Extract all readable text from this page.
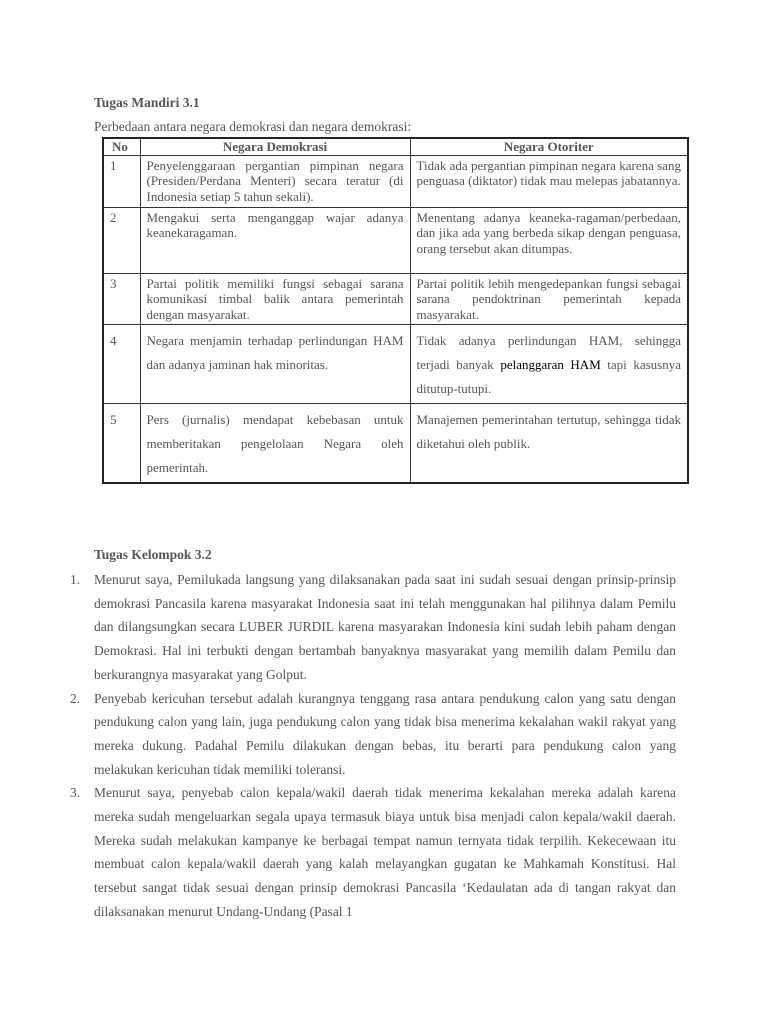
Tugas Mandiri 3.1
Perbedaan antara negara demokrasi dan negara demokrasi:
No	Negara Demokrasi	Negara Otoriter
1	Penyelenggaraan pergantian pimpinan negara (Presiden/Perdana Menteri) secara teratur (di Indonesia setiap 5 tahun sekali).	Tidak ada pergantian pimpinan negara karena sang penguasa (diktator) tidak mau melepas jabatannya.
2	Mengakui serta menganggap wajar adanya keanekaragaman.	Menentang adanya keaneka-ragaman/perbedaan, dan jika ada yang berbeda sikap dengan penguasa, orang tersebut akan ditumpas.
3	Partai politik memiliki fungsi sebagai sarana komunikasi timbal balik antara pemerintah dengan masyarakat.	Partai politik lebih mengedepankan fungsi sebagai sarana pendoktrinan pemerintah kepada masyarakat.
4	Negara menjamin terhadap perlindungan HAM dan adanya jaminan hak minoritas.	Tidak adanya perlindungan HAM, sehingga terjadi banyak pelanggaran HAM tapi kasusnya ditutup-tutupi.
5	Pers (jurnalis) mendapat kebebasan untuk memberitakan pengelolaan Negara oleh pemerintah.	Manajemen pemerintahan tertutup, sehingga tidak diketahui oleh publik.
Tugas Kelompok 3.2
1. Menurut saya, Pemilukada langsung yang dilaksanakan pada saat ini sudah sesuai dengan prinsip-prinsip demokrasi Pancasila karena masyarakat Indonesia saat ini telah menggunakan hal pilihnya dalam Pemilu dan dilangsungkan secara LUBER JURDIL karena masyarakan Indonesia kini sudah lebih paham dengan Demokrasi. Hal ini terbukti dengan bertambah banyaknya masyarakat yang memilih dalam Pemilu dan berkurangnya masyarakat yang Golput.
2. Penyebab kericuhan tersebut adalah kurangnya tenggang rasa antara pendukung calon yang satu dengan pendukung calon yang lain, juga pendukung calon yang tidak bisa menerima kekalahan wakil rakyat yang mereka dukung. Padahal Pemilu dilakukan dengan bebas, itu berarti para pendukung calon yang melakukan kericuhan tidak memiliki toleransi.
3. Menurut saya, penyebab calon kepala/wakil daerah tidak menerima kekalahan mereka adalah karena mereka sudah mengeluarkan segala upaya termasuk biaya untuk bisa menjadi calon kepala/wakil daerah. Mereka sudah melakukan kampanye ke berbagai tempat namun ternyata tidak terpilih. Kekecewaan itu membuat calon kepala/wakil daerah yang kalah melayangkan gugatan ke Mahkamah Konstitusi. Hal tersebut sangat tidak sesuai dengan prinsip demokrasi Pancasila ‘Kedaulatan ada di tangan rakyat dan dilaksanakan menurut Undang-Undang (Pasal 1
